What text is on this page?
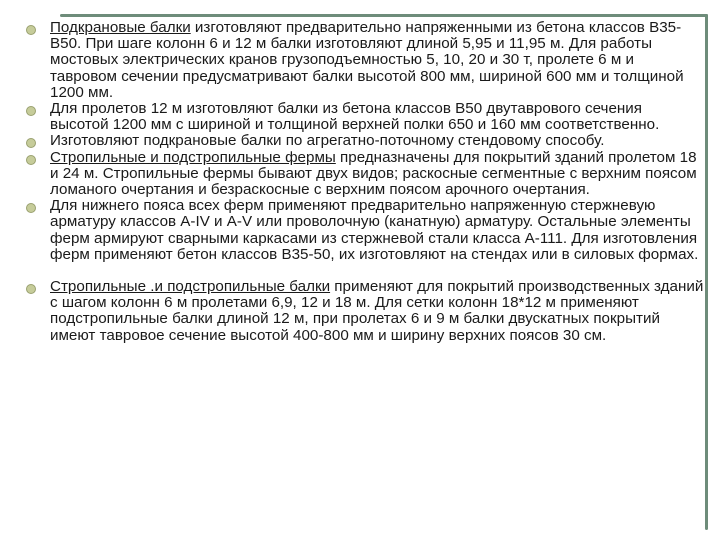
Подкрановые балки изготовляют предварительно напряженными из бетона классов В35-В50. При шаге колонн 6 и 12 м балки изготовляют длиной 5,95 и 11,95 м. Для работы мостовых электрических кранов грузоподъемностью 5, 10, 20 и 30 т, пролете 6 м и тавровом сечении предусматривают балки высотой 800 мм, шириной 600 мм и толщиной 1200 мм.

Для пролетов 12 м изготовляют балки из бетона классов В50 двутаврового сечения высотой 1200 мм с шириной и толщиной верхней полки 650 и 160 мм соответственно.

Изготовляют подкрановые балки по агрегатно-поточному стендовому способу.

Стропильные и подстропильные фермы предназначены для покрытий зданий пролетом 18 и 24 м. Стропильные фермы бывают двух видов; раскосные сегментные с верхним поясом ломаного очертания и безраскосные с верхним поясом арочного очертания.

Для нижнего пояса всех ферм применяют предварительно напряженную стержневую арматуру классов A-IV и A-V или проволочную (канатную) арматуру. Остальные элементы ферм армируют сварными каркасами из стержневой стали класса А-111. Для изготовления ферм применяют бетон классов В35-50, их изготовляют на стендах или в силовых формах.

Стропильные .и подстропильные балки применяют для покрытий производственных зданий с шагом колонн 6 м пролетами 6,9, 12 и 18 м. Для сетки колонн 18*12 м применяют подстропильные балки длиной 12 м, при пролетах 6 и 9 м балки двускатных покрытий имеют тавровое сечение высотой 400-800 мм и ширину верхних поясов 30 см.
